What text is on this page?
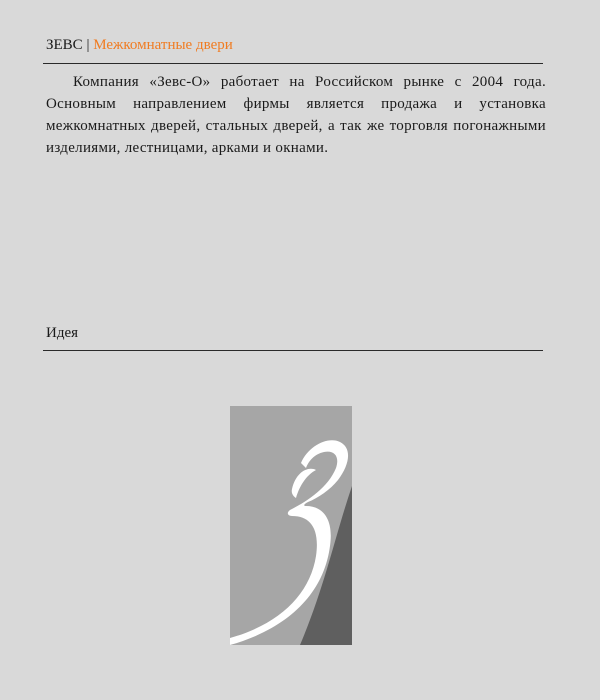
ЗЕВС | Межкомнатные двери

Компания «Зевс-О» работает на Российском рынке с 2004 года. Основным направлением фирмы является продажа и установка межкомнатных дверей, стальных дверей, а так же торговля погонажными изделиями, лестницами, арками и окнами.

Идея
